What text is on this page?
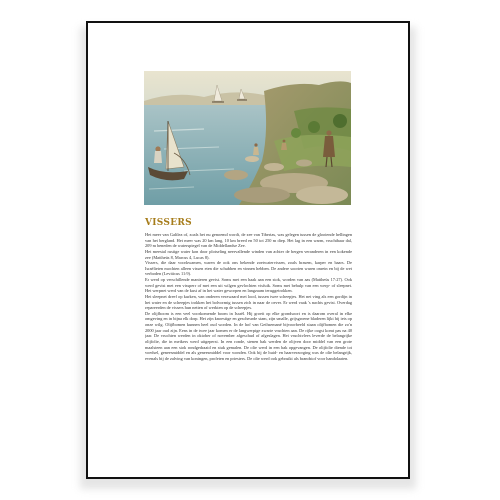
VISSERS

Het meer van Galilea of, zoals het nu genoemd wordt, de zee van Tiberias, was gelegen tussen de glooiende hellingen van het bergland. Het meer was 20 km lang, 10 km breed en 50 tot 250 m diep. Het lag in een warm, vruchtbaar dal, 209 m beneden de waterspiegel van de Middellandse Zee.

Het meestal rustige water kon door plotseling neervallende winden van achter de bergen veranderen in een kokende zee (Mattheüs 8, Marcus 4, Lucas 8).

Vissers, die daar voorkwamen, waren de ook ons bekende zoetwatervissen, zoals brasem, karper en baars. De Israëlieten mochten alleen vissen eten die schubben en vinnen hebben. De andere soorten waren onrein en bij de wet verboden (Leviticus 11:9).

Er werd op verschillende manieren gevist. Soms met een haak aan een stok, worden van aas (Mattheüs 17:27). Ook werd gevist met een vissperr of met een uit wilgen gevlochten visfuik. Soms met behulp van een werp- of sleepnet. Het werpnet werd van de kust af in het water geworpen en langzaam teruggetrokken.

Het sleepnet dreef op kurken, van onderen verzwaard met lood, tussen twee scheepjes. Het net ving als een gordijn in het water en de scheepjes trokken het bolvormig tussen zich in naar de oever. Er werd vaak 's nachts gevist. Overdag repareerden de vissers hun netten of werkten op de scheepjes.

De olijfboom is een veel voorkomende boom in Israël. Hij groeit op elke grondsoort en is daarom overal in elke omgeving en in bijna elk dorp. Het zijn knoestige en gescheurde stam, zijn smalle, grijsgroene bladeren lijkt hij iets op onze wilg. Olijfbomen kunnen heel oud worden. In de hof van Gethsemané bijvoorbeeld staan olijfbomen die zo'n 2000 jaar oud zijn. Eens in de twee jaar komen er de langwerpige zwarte vruchten aan. De rijke oogst komt pas na 40 jaar. De vruchten werden in oktober of november afgeschud of afgeslagen. Het vruchtvlees leverde de belangrijke olijfolie, die in meikers werd uitgeperst. In een ronde, stenen bak werden de olijven door middel van een grote maalsteen aan een stok rondgedraaid en stuk gemalen. De olie werd in een bak opgevangen. De olijfolie diende tot voedsel, geneesmiddel en als geneesmiddel voor wonden. Ook bij de huid- en haarverzorging was de olie belangrijk, evenals bij de zalving van koningen, profeten en priesters. De olie werd ook gebruikt als brandstof voor handolaaten.
